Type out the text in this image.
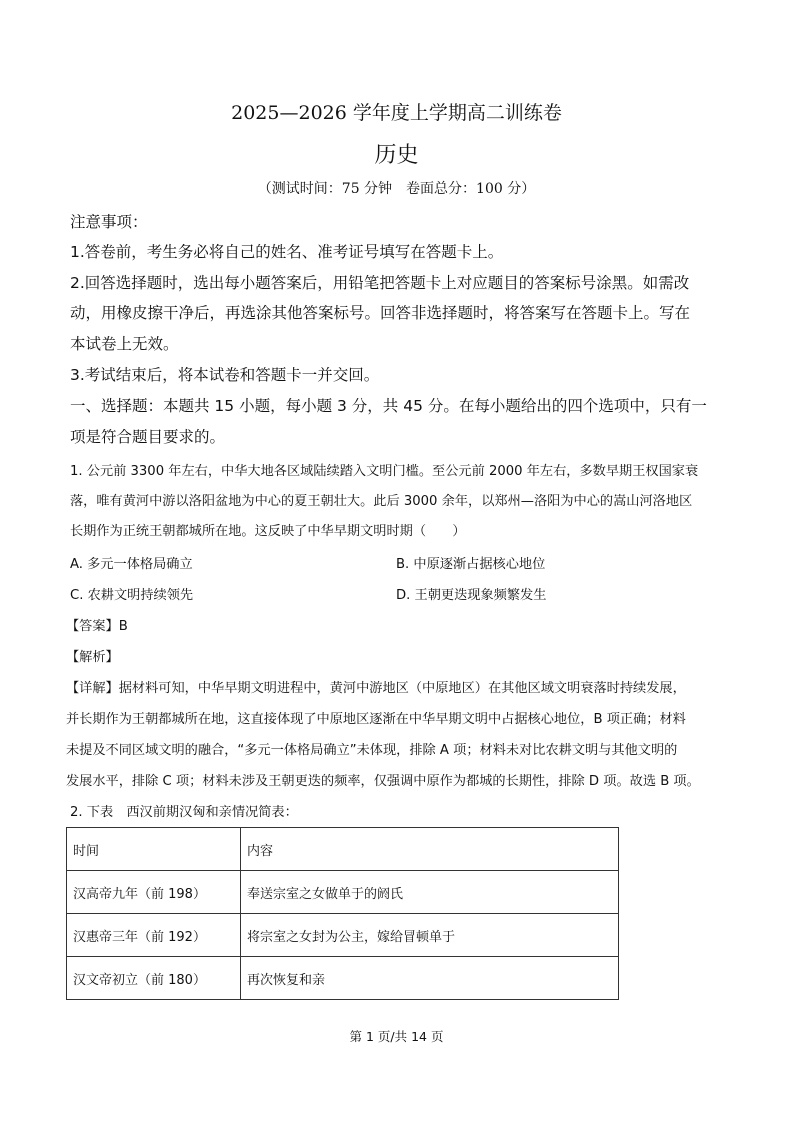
2025—2026 学年度上学期高二训练卷
历史
（测试时间：75 分钟　卷面总分：100 分）
注意事项：
1.答卷前，考生务必将自己的姓名、准考证号填写在答题卡上。
2.回答选择题时，选出每小题答案后，用铅笔把答题卡上对应题目的答案标号涂黑。如需改
动，用橡皮擦干净后，再选涂其他答案标号。回答非选择题时，将答案写在答题卡上。写在
本试卷上无效。
3.考试结束后，将本试卷和答题卡一并交回。
一、选择题：本题共 15 小题，每小题 3 分，共 45 分。在每小题给出的四个选项中，只有一
项是符合题目要求的。
1. 公元前 3300 年左右，中华大地各区域陆续踏入文明门槛。至公元前 2000 年左右，多数早期王权国家衰
落，唯有黄河中游以洛阳盆地为中心的夏王朝壮大。此后 3000 余年，以郑州—洛阳为中心的嵩山河洛地区
长期作为正统王朝都城所在地。这反映了中华早期文明时期（　　）
A. 多元一体格局确立	B. 中原逐渐占据核心地位
C. 农耕文明持续领先	D. 王朝更迭现象频繁发生
【答案】B
【解析】
【详解】据材料可知，中华早期文明进程中，黄河中游地区（中原地区）在其他区域文明衰落时持续发展，
并长期作为王朝都城所在地，这直接体现了中原地区逐渐在中华早期文明中占据核心地位，B 项正确；材料
未提及不同区域文明的融合，“多元一体格局确立”未体现，排除 A 项；材料未对比农耕文明与其他文明的
发展水平，排除 C 项；材料未涉及王朝更迭的频率，仅强调中原作为都城的长期性，排除 D 项。故选 B 项。
2. 下表　西汉前期汉匈和亲情况简表：
时间	内容
汉高帝九年（前 198）	奉送宗室之女做单于的阏氏
汉惠帝三年（前 192）	将宗室之女封为公主，嫁给冒顿单于
汉文帝初立（前 180）	再次恢复和亲
第 1 页/共 14 页
